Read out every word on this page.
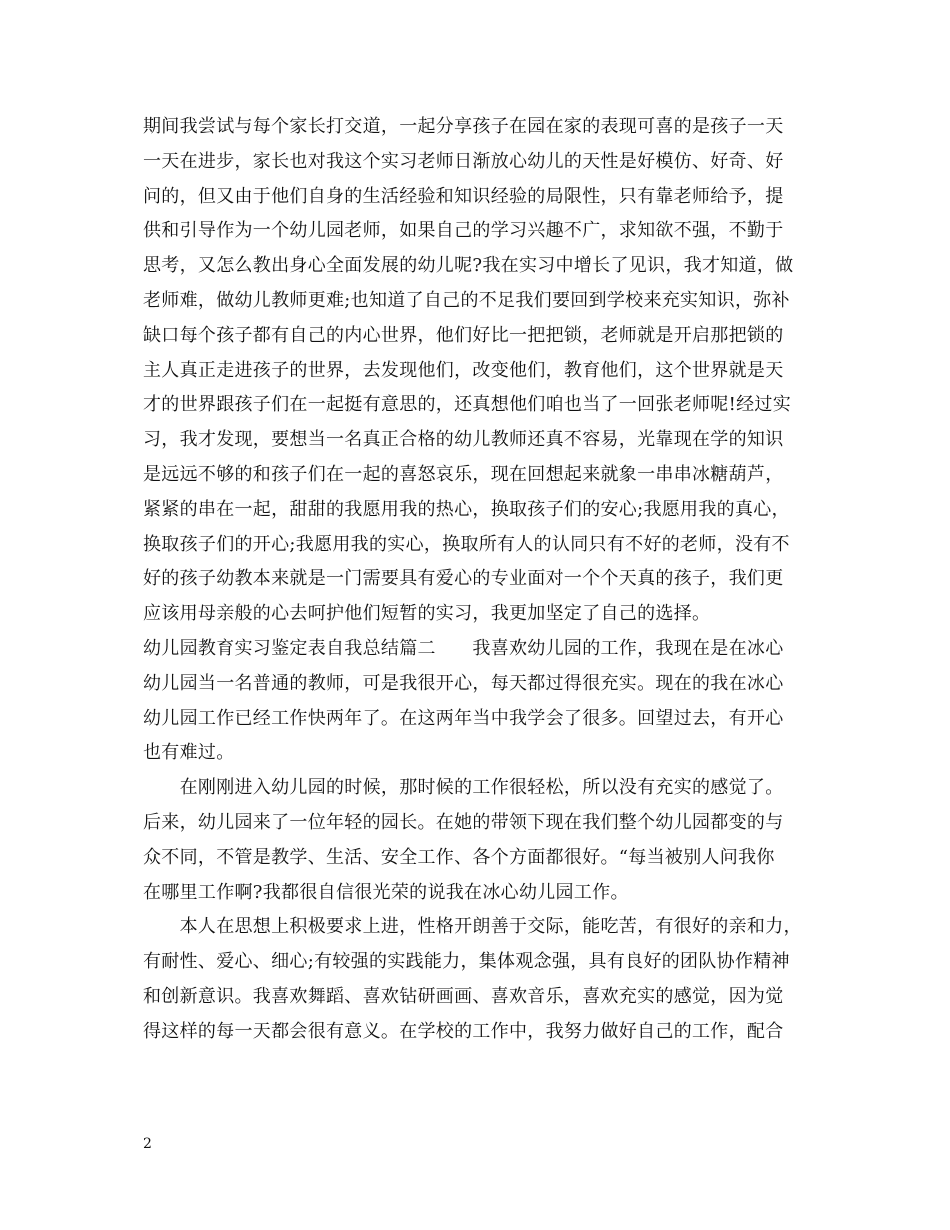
期间我尝试与每个家长打交道，一起分享孩子在园在家的表现可喜的是孩子一天
一天在进步，家长也对我这个实习老师日渐放心幼儿的天性是好模仿、好奇、好
问的，但又由于他们自身的生活经验和知识经验的局限性，只有靠老师给予，提
供和引导作为一个幼儿园老师，如果自己的学习兴趣不广，求知欲不强，不勤于
思考，又怎么教出身心全面发展的幼儿呢?我在实习中增长了见识，我才知道，做
老师难，做幼儿教师更难;也知道了自己的不足我们要回到学校来充实知识，弥补
缺口每个孩子都有自己的内心世界，他们好比一把把锁，老师就是开启那把锁的
主人真正走进孩子的世界，去发现他们，改变他们，教育他们，这个世界就是天
才的世界跟孩子们在一起挺有意思的，还真想他们咱也当了一回张老师呢!经过实
习，我才发现，要想当一名真正合格的幼儿教师还真不容易，光靠现在学的知识
是远远不够的和孩子们在一起的喜怒哀乐，现在回想起来就象一串串冰糖葫芦，
紧紧的串在一起，甜甜的我愿用我的热心，换取孩子们的安心;我愿用我的真心，
换取孩子们的开心;我愿用我的实心，换取所有人的认同只有不好的老师，没有不
好的孩子幼教本来就是一门需要具有爱心的专业面对一个个天真的孩子，我们更
应该用母亲般的心去呵护他们短暂的实习，我更加坚定了自己的选择。
幼儿园教育实习鉴定表自我总结篇二　　我喜欢幼儿园的工作，我现在是在冰心
幼儿园当一名普通的教师，可是我很开心，每天都过得很充实。现在的我在冰心
幼儿园工作已经工作快两年了。在这两年当中我学会了很多。回望过去，有开心
也有难过。
　　在刚刚进入幼儿园的时候，那时候的工作很轻松，所以没有充实的感觉了。
后来，幼儿园来了一位年轻的园长。在她的带领下现在我们整个幼儿园都变的与
众不同，不管是教学、生活、安全工作、各个方面都很好。“每当被别人问我你
在哪里工作啊?我都很自信很光荣的说我在冰心幼儿园工作。
　　本人在思想上积极要求上进，性格开朗善于交际，能吃苦，有很好的亲和力，
有耐性、爱心、细心;有较强的实践能力，集体观念强，具有良好的团队协作精神
和创新意识。我喜欢舞蹈、喜欢钻研画画、喜欢音乐，喜欢充实的感觉，因为觉
得这样的每一天都会很有意义。在学校的工作中，我努力做好自己的工作，配合
2
